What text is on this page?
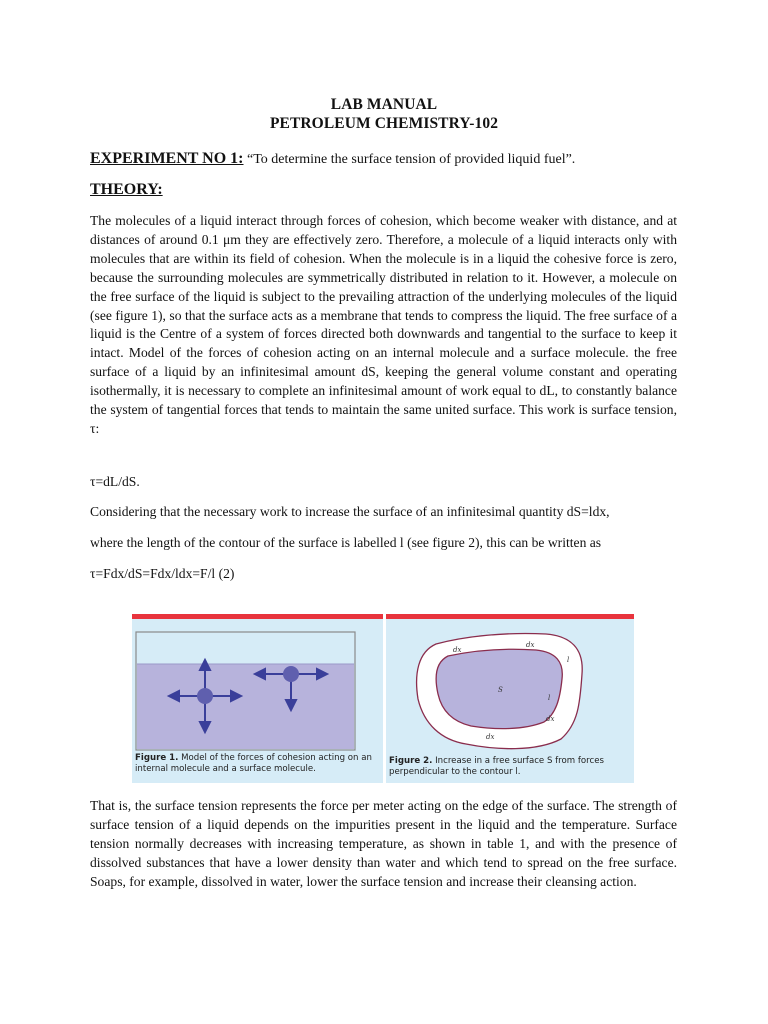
LAB MANUAL
PETROLEUM CHEMISTRY-102
EXPERIMENT NO 1: “To determine the surface tension of provided liquid fuel”.
THEORY:

The molecules of a liquid interact through forces of cohesion, which become weaker with distance, and at distances of around 0.1 μm they are effectively zero. Therefore, a molecule of a liquid interacts only with molecules that are within its field of cohesion. When the molecule is in a liquid the cohesive force is zero, because the surrounding molecules are symmetrically distributed in relation to it. However, a molecule on the free surface of the liquid is subject to the prevailing attraction of the underlying molecules of the liquid (see figure 1), so that the surface acts as a membrane that tends to compress the liquid. The free surface of a liquid is the Centre of a system of forces directed both downwards and tangential to the surface to keep it intact. Model of the forces of cohesion acting on an internal molecule and a surface molecule. the free surface of a liquid by an infinitesimal amount dS, keeping the general volume constant and operating isothermally, it is necessary to complete an infinitesimal amount of work equal to dL, to constantly balance the system of tangential forces that tends to maintain the same united surface. This work is surface tension, τ:

τ=dL/dS.
Considering that the necessary work to increase the surface of an infinitesimal quantity dS=ldx,
where the length of the contour of the surface is labelled l (see figure 2), this can be written as
τ=Fdx/dS=Fdx/ldx=F/l (2)
Figure 1. Model of the forces of cohesion acting on an internal molecule and a surface molecule.
dx
dx
l
S
l
dx
dx
Figure 2. Increase in a free surface S from forces perpendicular to the contour l.

That is, the surface tension represents the force per meter acting on the edge of the surface. The strength of surface tension of a liquid depends on the impurities present in the liquid and the temperature. Surface tension normally decreases with increasing temperature, as shown in table 1, and with the presence of dissolved substances that have a lower density than water and which tend to spread on the free surface. Soaps, for example, dissolved in water, lower the surface tension and increase their cleansing action.
